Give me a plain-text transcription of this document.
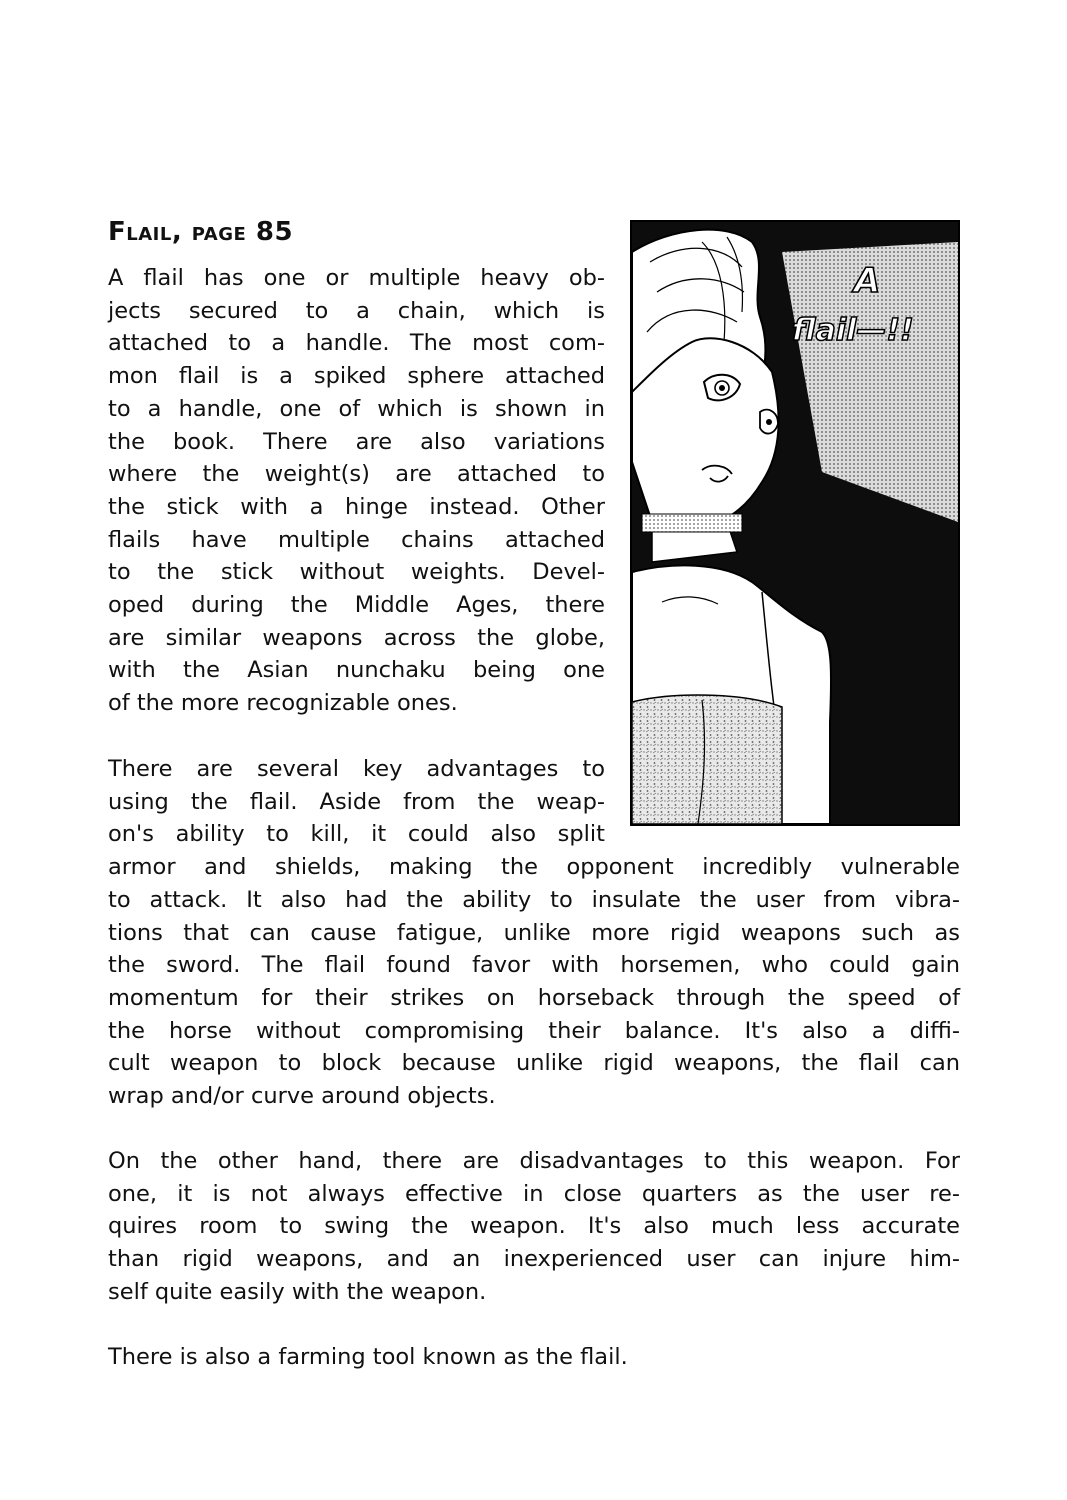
Flail, page 85

A flail has one or multiple heavy ob-
jects secured to a chain, which is
attached to a handle. The most com-
mon flail is a spiked sphere attached
to a handle, one of which is shown in
the book. There are also variations
where the weight(s) are attached to
the stick with a hinge instead. Other
flails have multiple chains attached
to the stick without weights. Devel-
oped during the Middle Ages, there
are similar weapons across the globe,
with the Asian nunchaku being one
of the more recognizable ones.

There are several key advantages to
using the flail. Aside from the weap-
on's ability to kill, it could also split
armor and shields, making the opponent incredibly vulnerable
to attack. It also had the ability to insulate the user from vibra-
tions that can cause fatigue, unlike more rigid weapons such as
the sword. The flail found favor with horsemen, who could gain
momentum for their strikes on horseback through the speed of
the horse without compromising their balance. It's also a diffi-
cult weapon to block because unlike rigid weapons, the flail can
wrap and/or curve around objects.

On the other hand, there are disadvantages to this weapon. For
one, it is not always effective in close quarters as the user re-
quires room to swing the weapon. It's also much less accurate
than rigid weapons, and an inexperienced user can injure him-
self quite easily with the weapon.

There is also a farming tool known as the flail.

A
flail—!!
